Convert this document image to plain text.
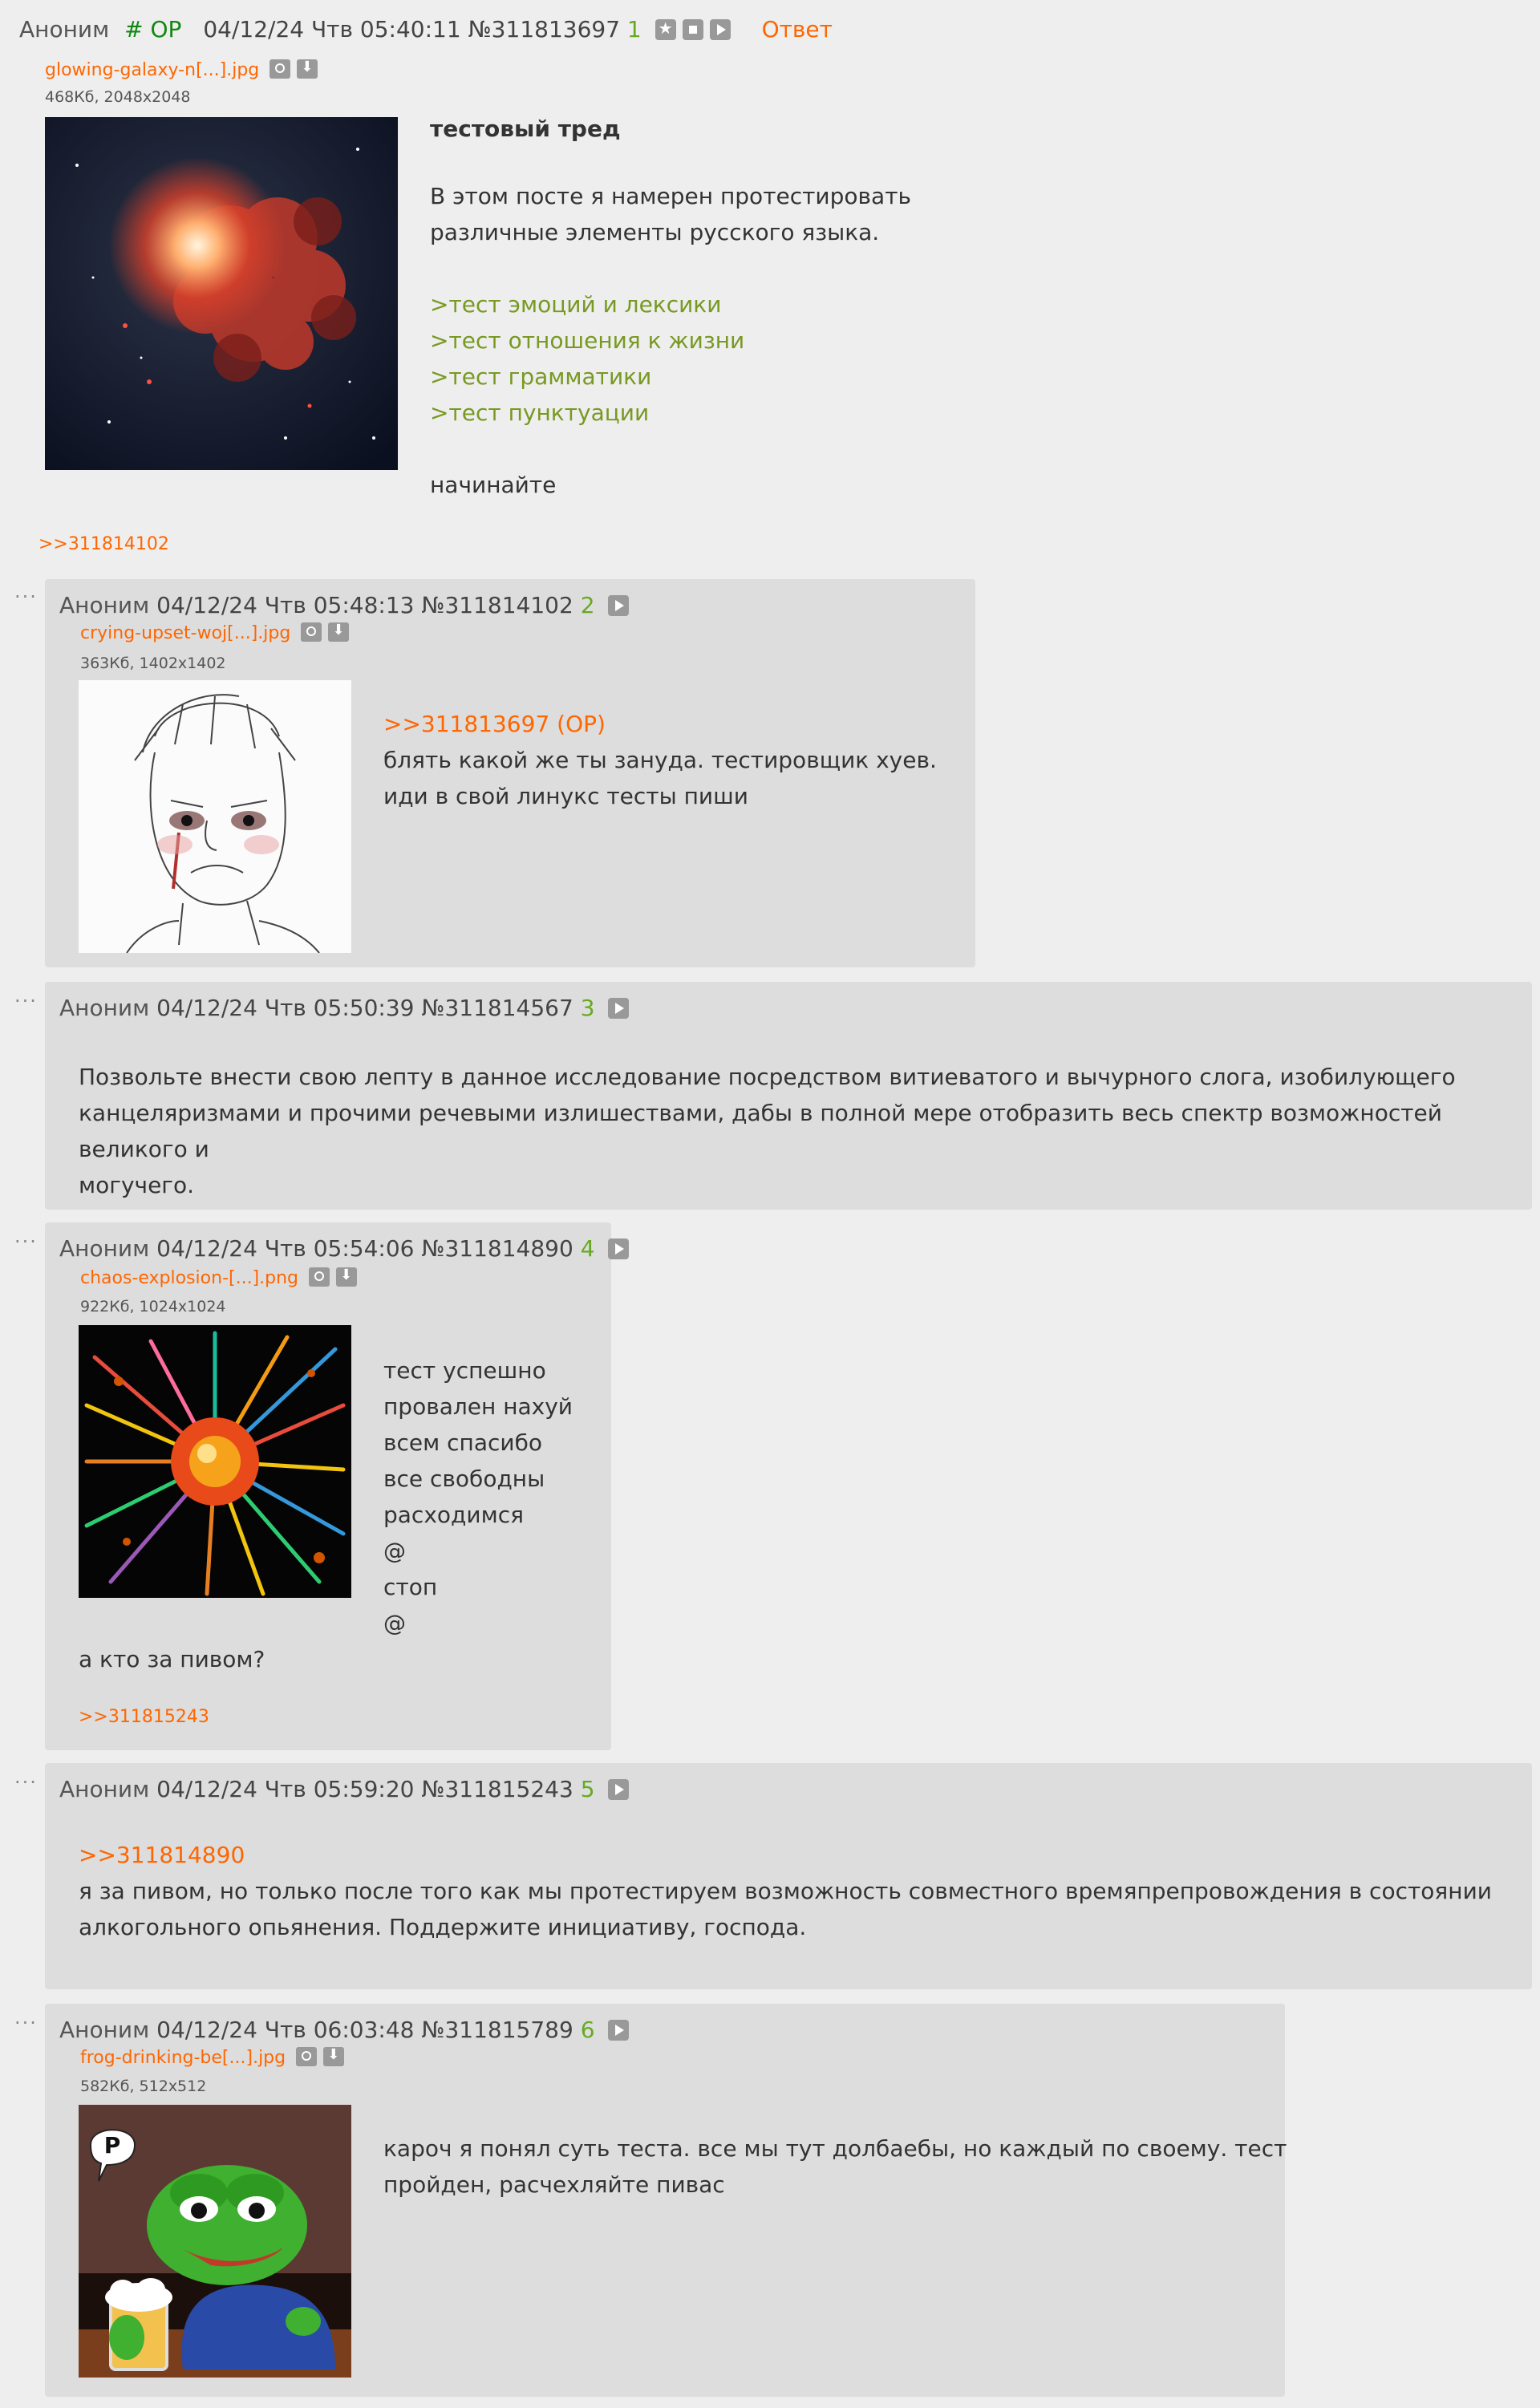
Аноним # OP 04/12/24 Чтв 05:40:11 №311813697 1 ★	Ответ
glowing-galaxy-n[...].jpg ⬇
468Кб, 2048x2048
тестовый тред
В этом посте я намерен протестировать
различные элементы русского языка.
>тест эмоций и лексики
>тест отношения к жизни
>тест грамматики
>тест пунктуации
начинайте
>>311814102
··· Аноним 04/12/24 Чтв 05:48:13 №311814102 2
crying-upset-woj[...].jpg ⬇
363Кб, 1402x1402
>>311813697 (OP)
блять какой же ты зануда. тестировщик хуев.
иди в свой линукс тесты пиши
··· Аноним 04/12/24 Чтв 05:50:39 №311814567 3
Позвольте внести свою лепту в данное исследование посредством витиеватого и вычурного слога, изобилующего
канцеляризмами и прочими речевыми излишествами, дабы в полной мере отобразить весь спектр возможностей великого и
могучего.
··· Аноним 04/12/24 Чтв 05:54:06 №311814890 4
chaos-explosion-[...].png ⬇
922Кб, 1024x1024
тест успешно
провален нахуй
всем спасибо
все свободны
расходимся
@
стоп
@
а кто за пивом?
>>311815243
··· Аноним 04/12/24 Чтв 05:59:20 №311815243 5
>>311814890
я за пивом, но только после того как мы протестируем возможность совместного времяпрепровождения в состоянии
алкогольного опьянения. Поддержите инициативу, господа.
··· Аноним 04/12/24 Чтв 06:03:48 №311815789 6
frog-drinking-be[...].jpg ⬇
582Кб, 512x512
P	кароч я понял суть теста. все мы тут долбаебы, но каждый по своему. тест
пройден, расчехляйте пивас
